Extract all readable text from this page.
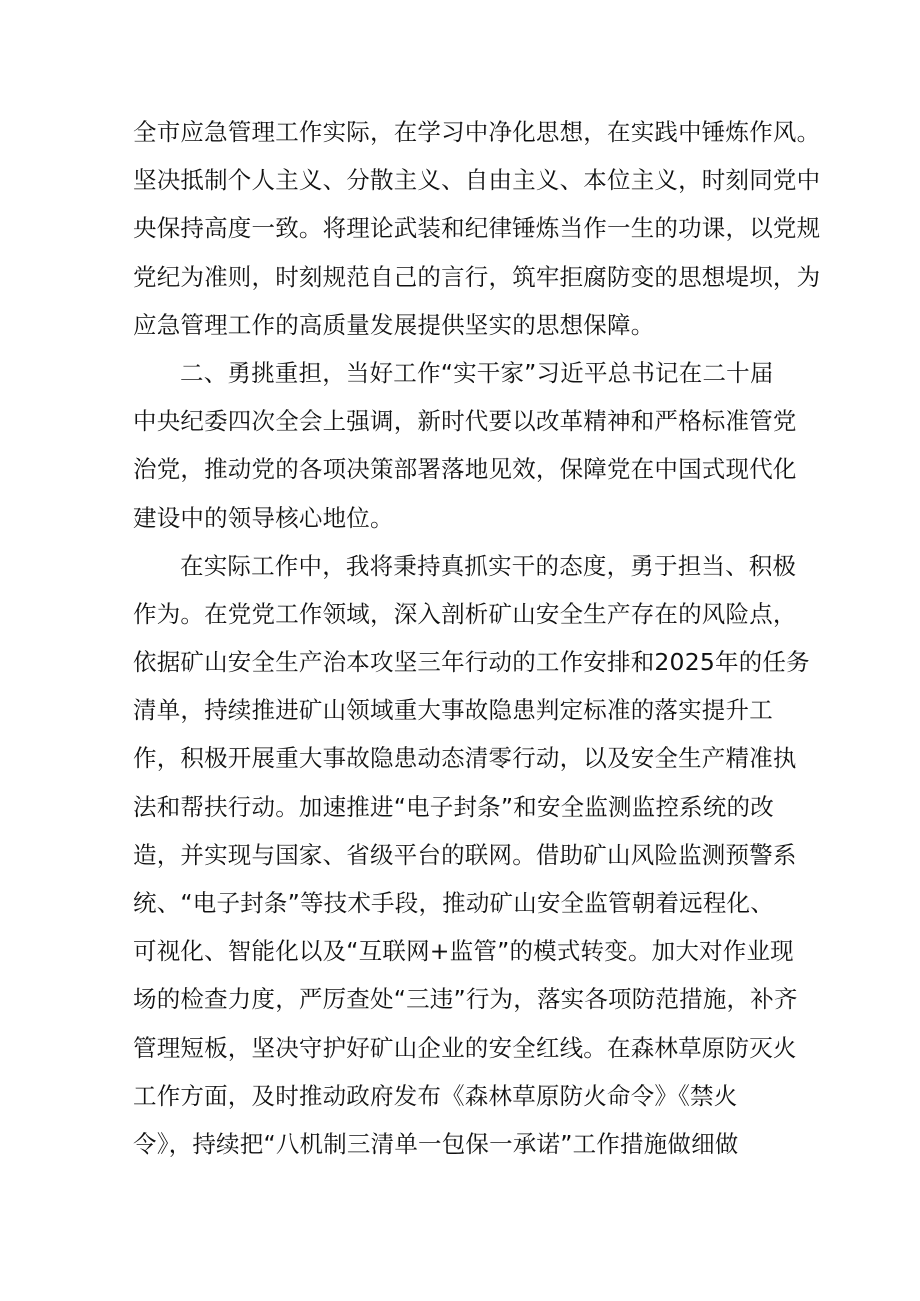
全市应急管理工作实际，在学习中净化思想，在实践中锤炼作风。
坚决抵制个人主义、分散主义、自由主义、本位主义，时刻同党中
央保持高度一致。将理论武装和纪律锤炼当作一生的功课，以党规
党纪为准则，时刻规范自己的言行，筑牢拒腐防变的思想堤坝，为
应急管理工作的高质量发展提供坚实的思想保障。
二、勇挑重担，当好工作“实干家”习近平总书记在二十届
中央纪委四次全会上强调，新时代要以改革精神和严格标准管党
治党，推动党的各项决策部署落地见效，保障党在中国式现代化
建设中的领导核心地位。
在实际工作中，我将秉持真抓实干的态度，勇于担当、积极
作为。在党党工作领域，深入剖析矿山安全生产存在的风险点，
依据矿山安全生产治本攻坚三年行动的工作安排和2025年的任务
清单，持续推进矿山领域重大事故隐患判定标准的落实提升工
作，积极开展重大事故隐患动态清零行动，以及安全生产精准执
法和帮扶行动。加速推进“电子封条”和安全监测监控系统的改
造，并实现与国家、省级平台的联网。借助矿山风险监测预警系
统、“电子封条”等技术手段，推动矿山安全监管朝着远程化、
可视化、智能化以及“互联网+监管”的模式转变。加大对作业现
场的检查力度，严厉查处“三违”行为，落实各项防范措施，补齐
管理短板，坚决守护好矿山企业的安全红线。在森林草原防灭火
工作方面，及时推动政府发布《森林草原防火命令》《禁火
令》，持续把“八机制三清单一包保一承诺”工作措施做细做
